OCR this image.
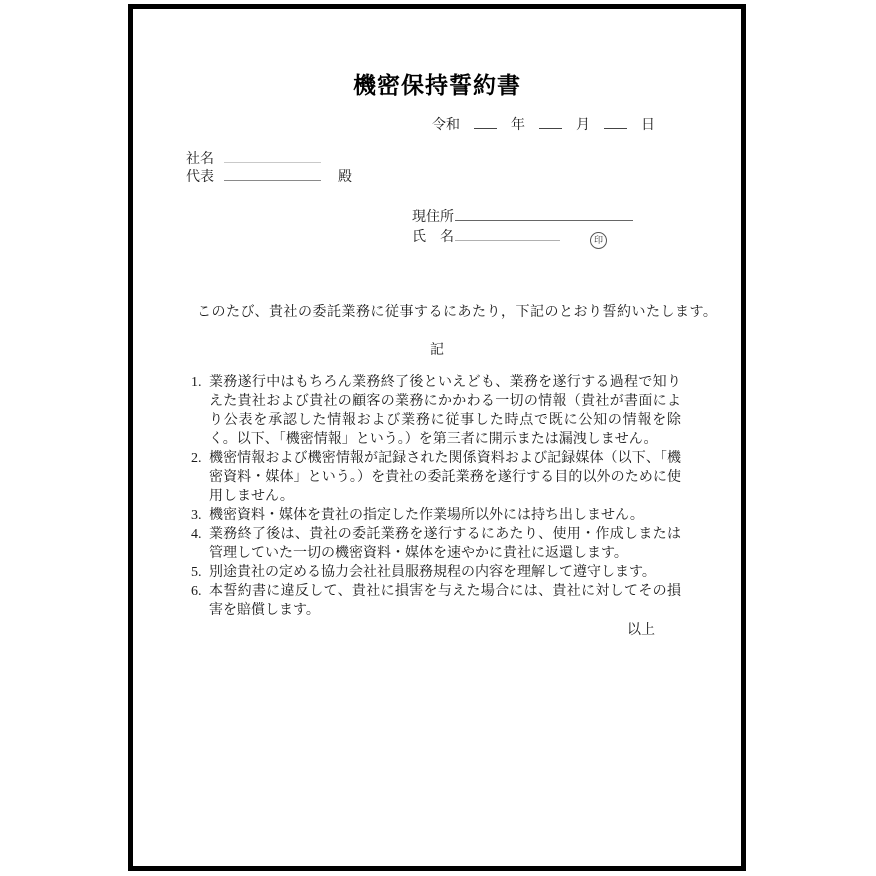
機密保持誓約書
令和	年	月	日
社名
代表	殿
現住所
氏　名	印
このたび、貴社の委託業務に従事するにあたり，下記のとおり誓約いたします。
記
1. 業務遂行中はもちろん業務終了後といえども、業務を遂行する過程で知りえた貴社および貴社の顧客の業務にかかわる一切の情報（貴社が書面により公表を承認した情報および業務に従事した時点で既に公知の情報を除く。以下、「機密情報」という。）を第三者に開示または漏洩しません。
2. 機密情報および機密情報が記録された関係資料および記録媒体（以下、「機密資料・媒体」という。）を貴社の委託業務を遂行する目的以外のために使用しません。
3. 機密資料・媒体を貴社の指定した作業場所以外には持ち出しません。
4. 業務終了後は、貴社の委託業務を遂行するにあたり、使用・作成しまたは管理していた一切の機密資料・媒体を速やかに貴社に返還します。
5. 別途貴社の定める協力会社社員服務規程の内容を理解して遵守します。
6. 本誓約書に違反して、貴社に損害を与えた場合には、貴社に対してその損害を賠償します。
以上
